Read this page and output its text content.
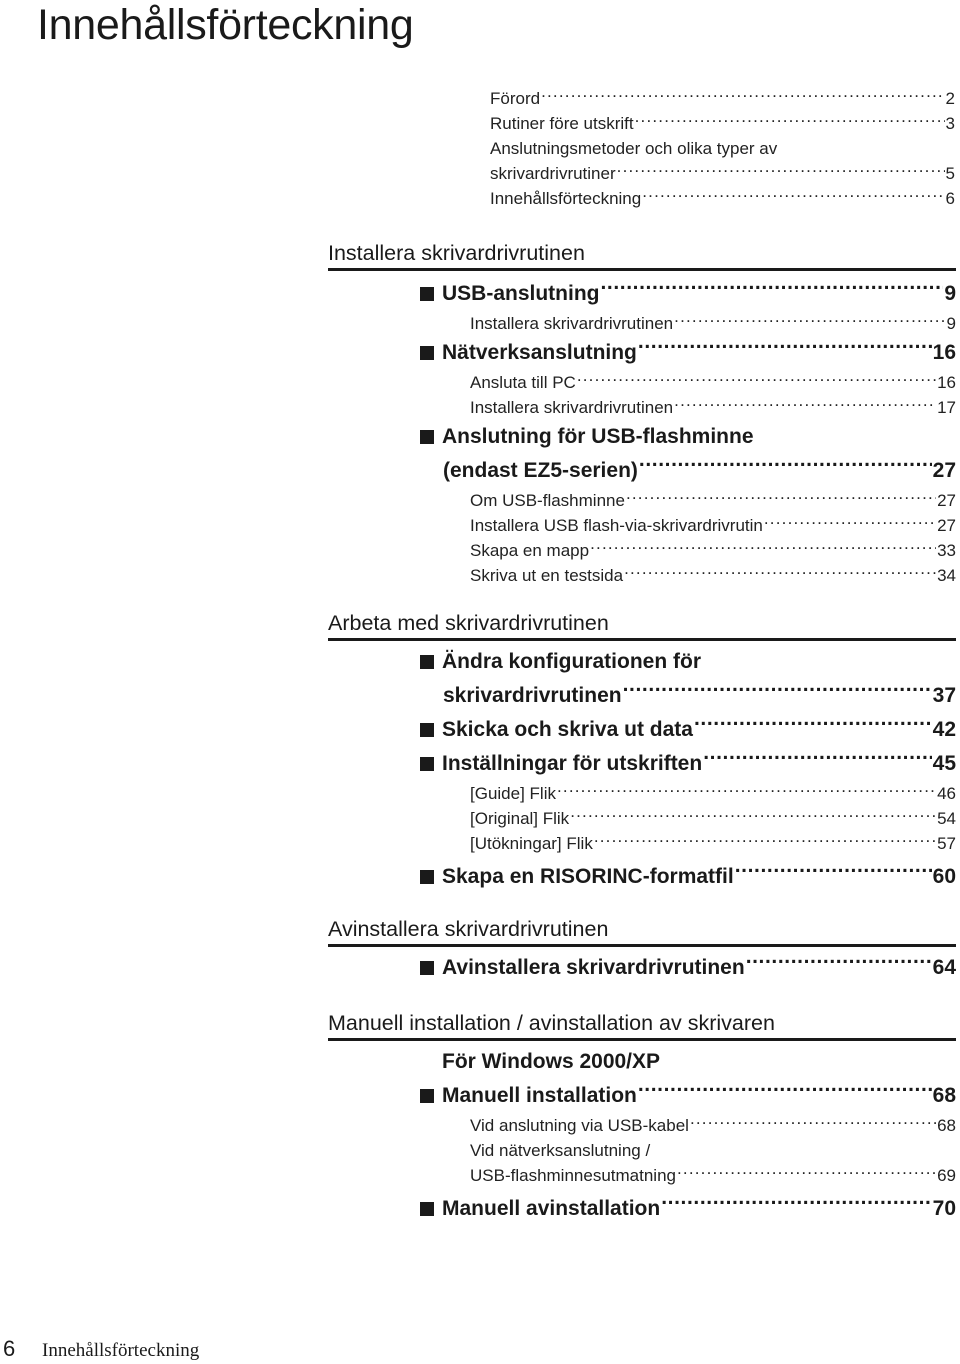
Innehållsförteckning
Förord .....	2
Rutiner före utskrift .....	3
Anslutningsmetoder och olika typer av
skrivardrivrutiner .....	5
Innehållsförteckning .....	6
Installera skrivardrivrutinen
USB-anslutning .....	9
Installera skrivardrivrutinen .....	9
Nätverksanslutning .....	16
Ansluta till PC .....	16
Installera skrivardrivrutinen .....	17
Anslutning för USB-flashminne
(endast EZ5-serien) .....	27
Om USB-flashminne .....	27
Installera USB flash-via-skrivardrivrutin .....	27
Skapa en mapp .....	33
Skriva ut en testsida .....	34
Arbeta med skrivardrivrutinen
Ändra konfigurationen för
skrivardrivrutinen .....	37
Skicka och skriva ut data .....	42
Inställningar för utskriften .....	45
[Guide] Flik .....	46
[Original] Flik .....	54
[Utökningar] Flik .....	57
Skapa en RISORINC-formatfil .....	60
Avinstallera skrivardrivrutinen
Avinstallera skrivardrivrutinen .....	64
Manuell installation / avinstallation av skrivaren
För Windows 2000/XP
Manuell installation .....	68
Vid anslutning via USB-kabel .....	68
Vid nätverksanslutning /
USB-flashminnesutmatning .....	69
Manuell avinstallation .....	70
6 Innehållsförteckning
